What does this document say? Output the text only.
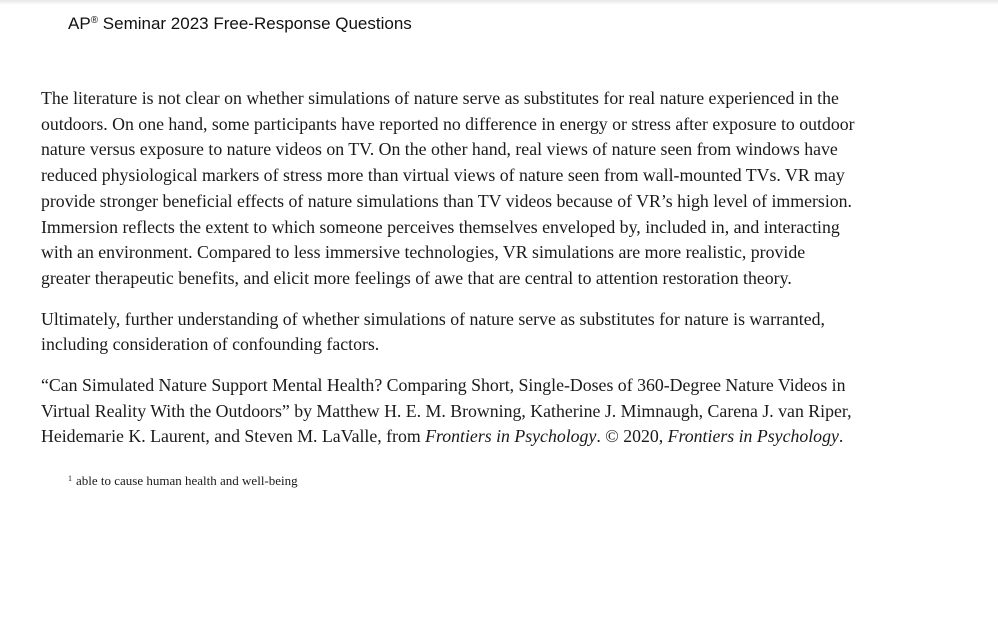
AP® Seminar 2023 Free-Response Questions

The literature is not clear on whether simulations of nature serve as substitutes for real nature experienced in the
outdoors. On one hand, some participants have reported no difference in energy or stress after exposure to outdoor
nature versus exposure to nature videos on TV. On the other hand, real views of nature seen from windows have
reduced physiological markers of stress more than virtual views of nature seen from wall-mounted TVs. VR may
provide stronger beneficial effects of nature simulations than TV videos because of VR’s high level of immersion.
Immersion reflects the extent to which someone perceives themselves enveloped by, included in, and interacting
with an environment. Compared to less immersive technologies, VR simulations are more realistic, provide
greater therapeutic benefits, and elicit more feelings of awe that are central to attention restoration theory.

Ultimately, further understanding of whether simulations of nature serve as substitutes for nature is warranted,
including consideration of confounding factors.

“Can Simulated Nature Support Mental Health? Comparing Short, Single-Doses of 360-Degree Nature Videos in
Virtual Reality With the Outdoors” by Matthew H. E. M. Browning, Katherine J. Mimnaugh, Carena J. van Riper,
Heidemarie K. Laurent, and Steven M. LaValle, from Frontiers in Psychology. © 2020, Frontiers in Psychology.

$^1$ able to cause human health and well-being
